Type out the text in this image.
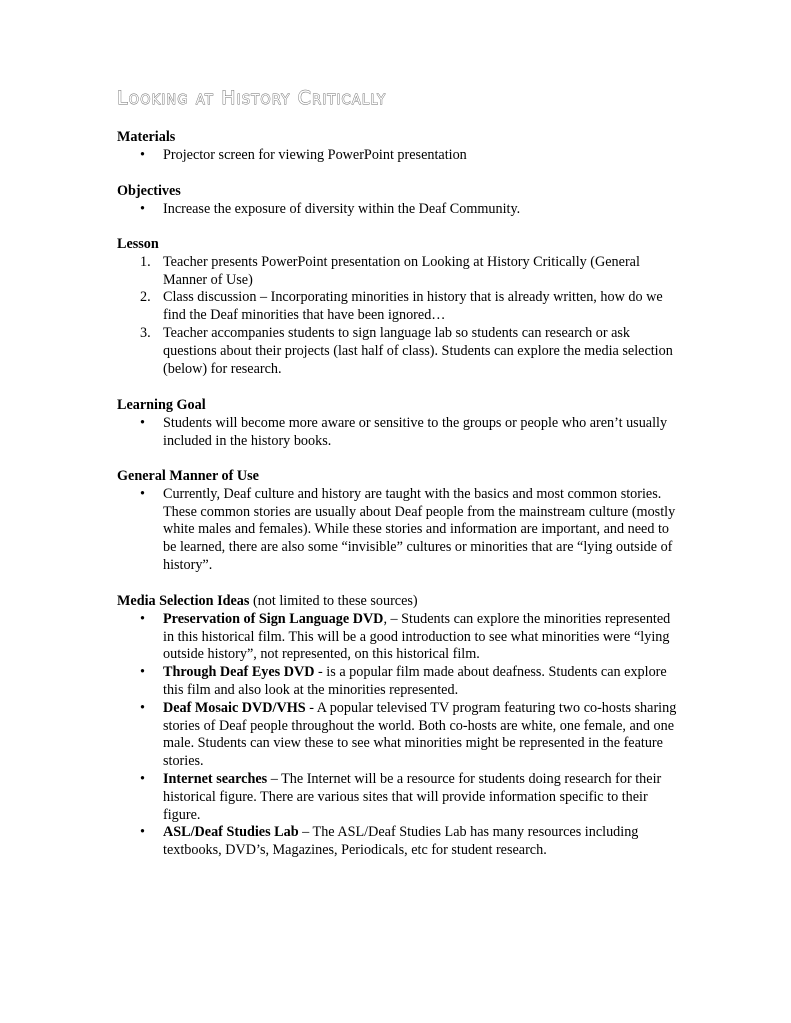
Looking at History Critically
Materials
• Projector screen for viewing PowerPoint presentation
Objectives
• Increase the exposure of diversity within the Deaf Community.
Lesson
1. Teacher presents PowerPoint presentation on Looking at History Critically (General Manner of Use)
2. Class discussion – Incorporating minorities in history that is already written, how do we find the Deaf minorities that have been ignored…
3. Teacher accompanies students to sign language lab so students can research or ask questions about their projects (last half of class). Students can explore the media selection (below) for research.
Learning Goal
• Students will become more aware or sensitive to the groups or people who aren’t usually included in the history books.
General Manner of Use
• Currently, Deaf culture and history are taught with the basics and most common stories. These common stories are usually about Deaf people from the mainstream culture (mostly white males and females). While these stories and information are important, and need to be learned, there are also some “invisible” cultures or minorities that are “lying outside of history”.
Media Selection Ideas (not limited to these sources)
• Preservation of Sign Language DVD, – Students can explore the minorities represented in this historical film. This will be a good introduction to see what minorities were “lying outside history”, not represented, on this historical film.
• Through Deaf Eyes DVD - is a popular film made about deafness. Students can explore this film and also look at the minorities represented.
• Deaf Mosaic DVD/VHS - A popular televised TV program featuring two co-hosts sharing stories of Deaf people throughout the world. Both co-hosts are white, one female, and one male. Students can view these to see what minorities might be represented in the feature stories.
• Internet searches – The Internet will be a resource for students doing research for their historical figure. There are various sites that will provide information specific to their figure.
• ASL/Deaf Studies Lab – The ASL/Deaf Studies Lab has many resources including textbooks, DVD’s, Magazines, Periodicals, etc for student research.
